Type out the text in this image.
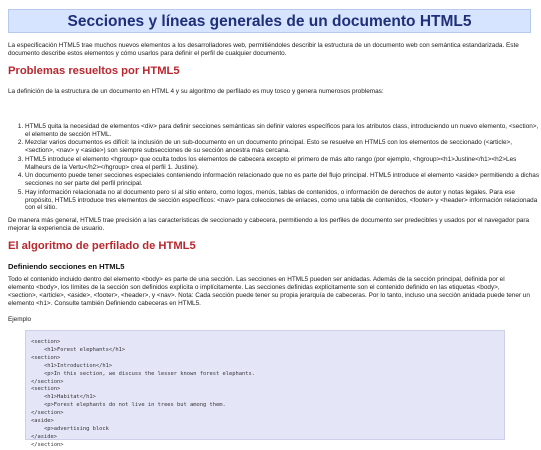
Secciones y líneas generales de un documento HTML5

La especificación HTML5 trae muchos nuevos elementos a los desarrolladores web, permitiéndoles describir la estructura de un documento web con semántica estandarizada. Este documento describe estos elementos y cómo usarlos para definir el perfil de cualquier documento.

Problemas resueltos por HTML5

La definición de la estructura de un documento en HTML 4 y su algoritmo de perfilado es muy tosco y genera numerosos problemas:

1. HTML5 quita la necesidad de elementos <div> para definir secciones semánticas sin definir valores específicos para los atributos class, introduciendo un nuevo elemento, <section>, el elemento de sección HTML.
2. Mezclar varios documentos es difícil: la inclusión de un sub-documento en un documento principal. Esto se resuelve en HTML5 con los elementos de seccionado (<article>, <section>, <nav> y <aside>) son siempre subsecciones de su sección ancestra más cercana.
3. HTML5 introduce el elemento <hgroup> que oculta todos los elementos de cabecera excepto el primero de más alto rango (por ejemplo, <hgroup><h1>Justine</h1><h2>Les Malheurs de la Vertu</h2></hgroup> crea el perfil 1. Justine).
4. Un documento puede tener secciones especiales conteniendo información relacionado que no es parte del flujo principal. HTML5 introduce el elemento <aside> permitiendo a dichas secciones no ser parte del perfil principal.
5. Hay información relacionada no al documento pero sí al sitio entero, como logos, menús, tablas de contenidos, o información de derechos de autor y notas legales. Para ese propósito, HTML5 introduce tres elementos de sección específicos: <nav> para colecciones de enlaces, como una tabla de contenidos, <footer> y <header> información relacionada con el sitio.

De manera más general, HTML5 trae precisión a las características de seccionado y cabecera, permitiendo a los perfiles de documento ser predecibles y usados por el navegador para mejorar la experiencia de usuario.

El algoritmo de perfilado de HTML5
Definiendo secciones en HTML5

Todo el contenido incluido dentro del elemento <body> es parte de una sección. Las secciones en HTML5 pueden ser anidadas. Además de la sección principal, definida por el elemento <body>, los límites de la sección son definidos explícita o implícitamente. Las secciones definidas explícitamente son el contenido definido en las etiquetas <body>, <section>, <article>, <aside>, <footer>, <header>, y <nav>. Nota: Cada sección puede tener su propia jerarquía de cabeceras. Por lo tanto, incluso una sección anidada puede tener un elemento <h1>. Consulte también Definiendo cabeceras en HTML5.

<section>
<h1>Forest elephants</h1>
<section>
<h1>Introduction</h1>
<p>In this section, we discuss the lesser known forest elephants.
</section>
<section>
<h1>Habitat</h1>
<p>Forest elephants do not live in trees but among them.
</section>
<aside>
<p>advertising block
</aside>
</section>

Ejemplo
